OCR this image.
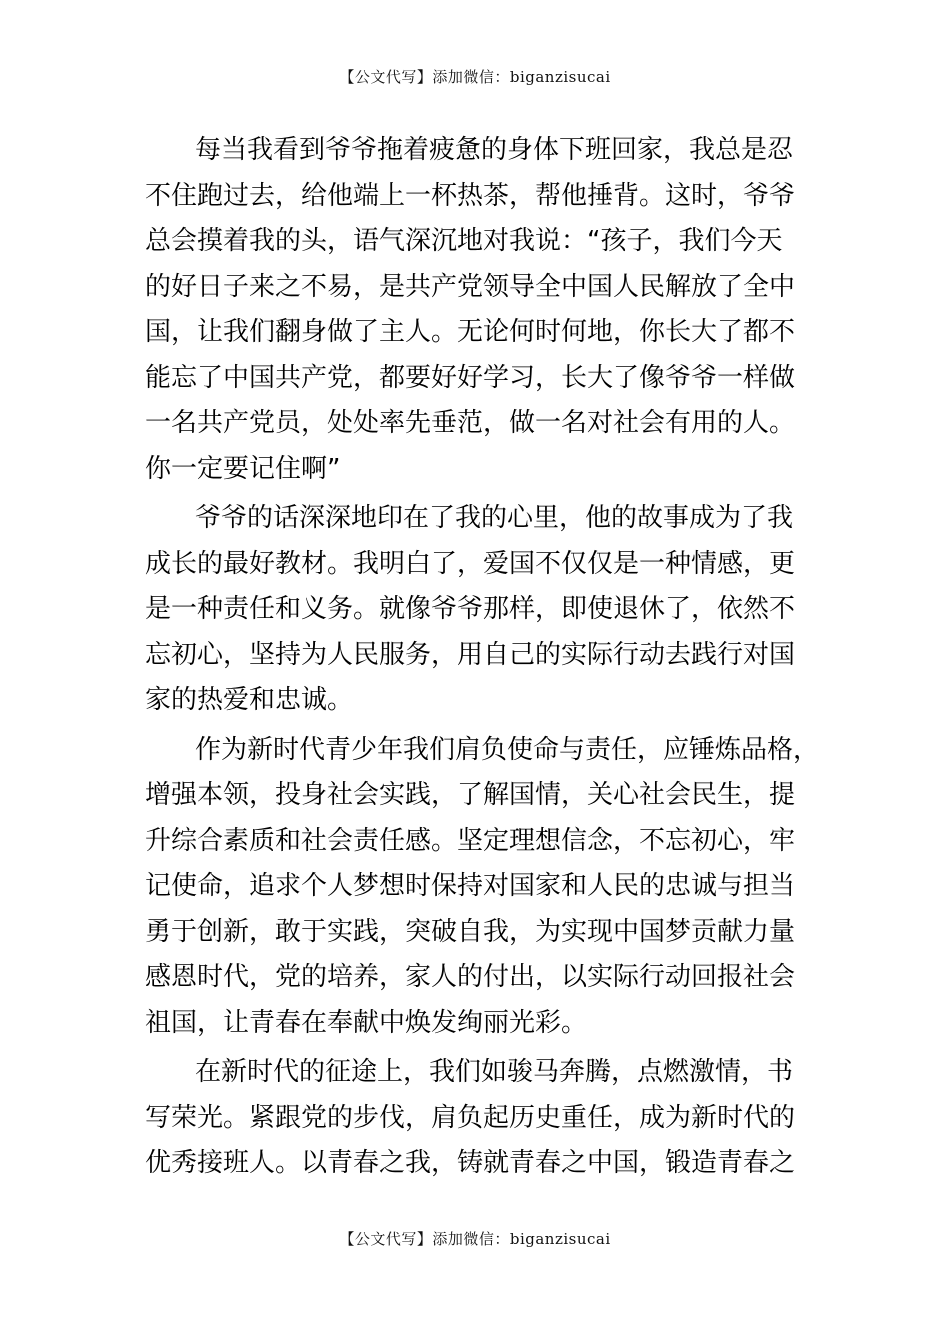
【公文代写】添加微信：biganzisucai
每当我看到爷爷拖着疲惫的身体下班回家，我总是忍
不住跑过去，给他端上一杯热茶，帮他捶背。这时，爷爷
总会摸着我的头，语气深沉地对我说：“孩子，我们今天
的好日子来之不易，是共产党领导全中国人民解放了全中
国，让我们翻身做了主人。无论何时何地，你长大了都不
能忘了中国共产党，都要好好学习，长大了像爷爷一样做
一名共产党员，处处率先垂范，做一名对社会有用的人。
你一定要记住啊”
爷爷的话深深地印在了我的心里，他的故事成为了我
成长的最好教材。我明白了，爱国不仅仅是一种情感，更
是一种责任和义务。就像爷爷那样，即使退休了，依然不
忘初心，坚持为人民服务，用自己的实际行动去践行对国
家的热爱和忠诚。
作为新时代青少年我们肩负使命与责任，应锤炼品格，
增强本领，投身社会实践，了解国情，关心社会民生，提
升综合素质和社会责任感。坚定理想信念，不忘初心，牢
记使命，追求个人梦想时保持对国家和人民的忠诚与担当
勇于创新，敢于实践，突破自我，为实现中国梦贡献力量
感恩时代，党的培养，家人的付出，以实际行动回报社会
祖国，让青春在奉献中焕发绚丽光彩。
在新时代的征途上，我们如骏马奔腾，点燃激情，书
写荣光。紧跟党的步伐，肩负起历史重任，成为新时代的
优秀接班人。以青春之我，铸就青春之中国，锻造青春之
【公文代写】添加微信：biganzisucai
